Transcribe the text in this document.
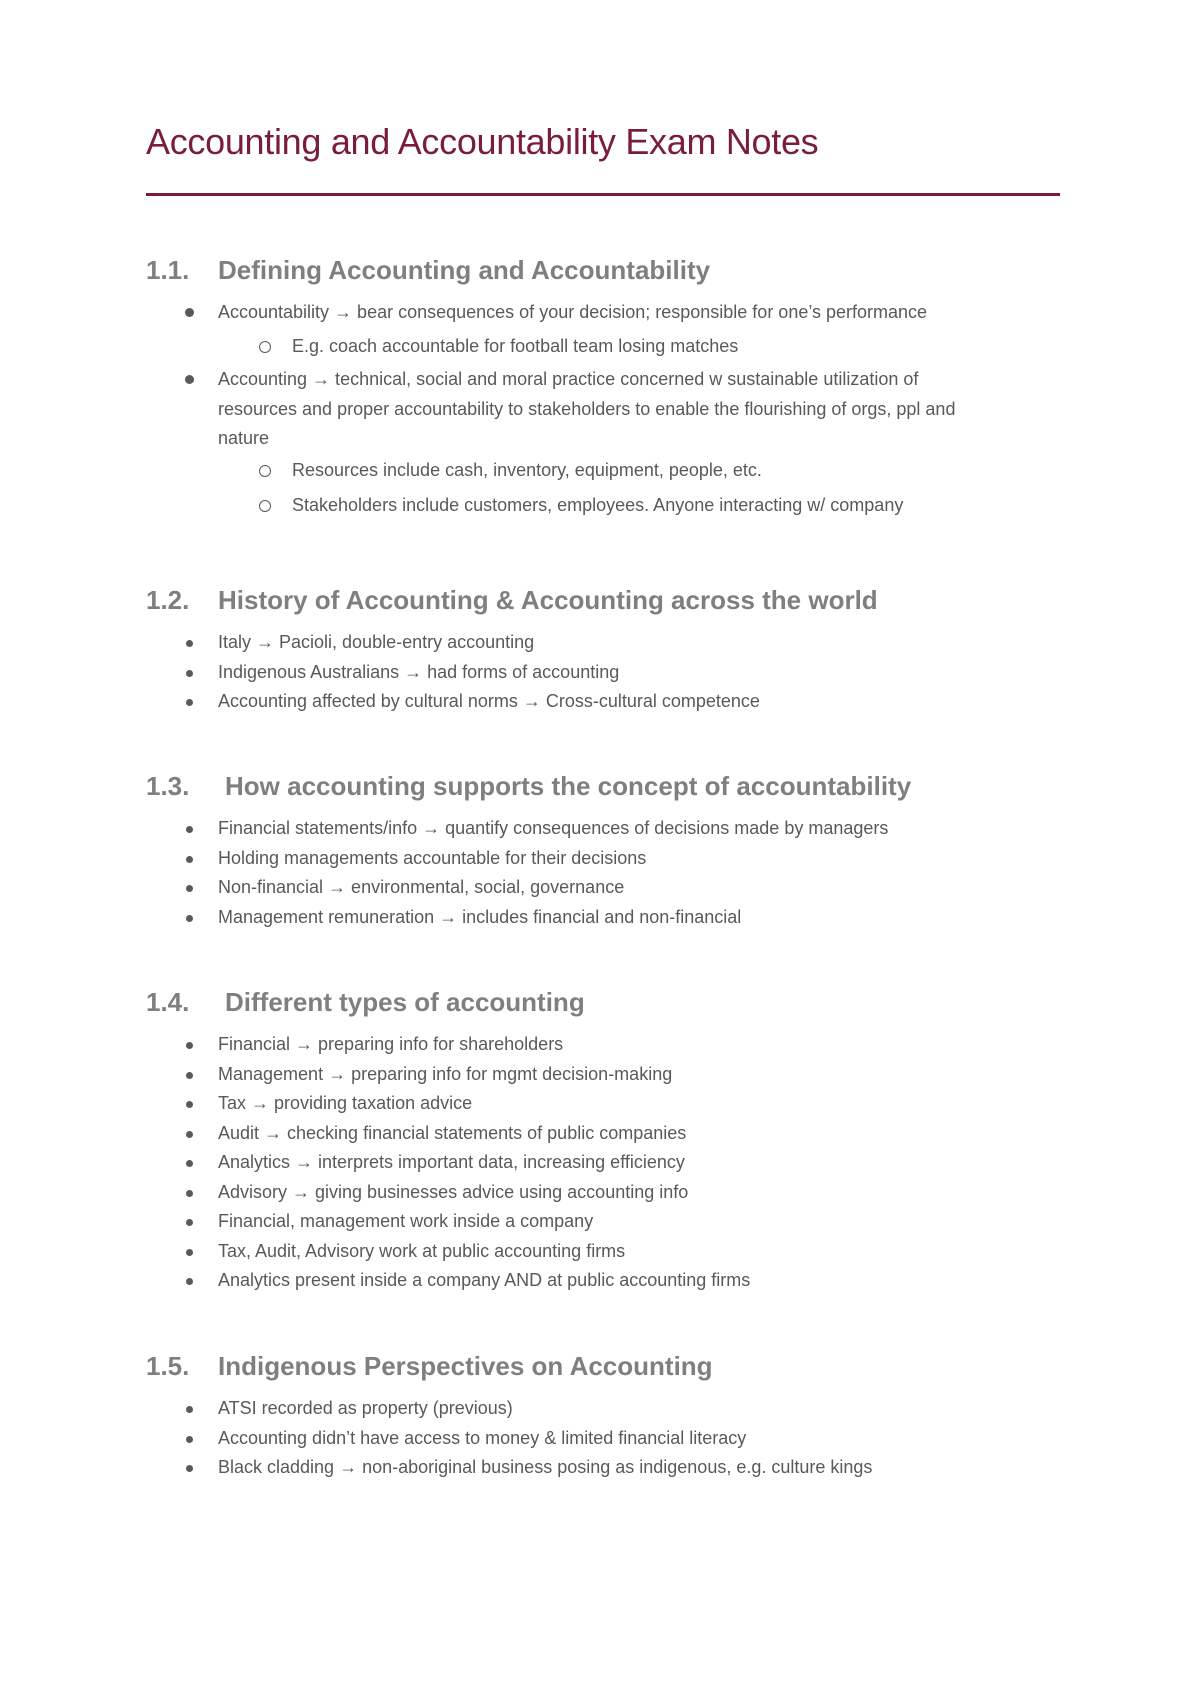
Accounting and Accountability Exam Notes
1.1. Defining Accounting and Accountability
Accountability → bear consequences of your decision; responsible for one’s performance
E.g. coach accountable for football team losing matches
Accounting → technical, social and moral practice concerned w sustainable utilization of resources and proper accountability to stakeholders to enable the flourishing of orgs, ppl and nature
Resources include cash, inventory, equipment, people, etc.
Stakeholders include customers, employees. Anyone interacting w/ company
1.2. History of Accounting & Accounting across the world
Italy → Pacioli, double-entry accounting
Indigenous Australians → had forms of accounting
Accounting affected by cultural norms → Cross-cultural competence
1.3. How accounting supports the concept of accountability
Financial statements/info → quantify consequences of decisions made by managers
Holding managements accountable for their decisions
Non-financial → environmental, social, governance
Management remuneration → includes financial and non-financial
1.4. Different types of accounting
Financial → preparing info for shareholders
Management → preparing info for mgmt decision-making
Tax → providing taxation advice
Audit → checking financial statements of public companies
Analytics → interprets important data, increasing efficiency
Advisory → giving businesses advice using accounting info
Financial, management work inside a company
Tax, Audit, Advisory work at public accounting firms
Analytics present inside a company AND at public accounting firms
1.5. Indigenous Perspectives on Accounting
ATSI recorded as property (previous)
Accounting didn’t have access to money & limited financial literacy
Black cladding → non-aboriginal business posing as indigenous, e.g. culture kings
